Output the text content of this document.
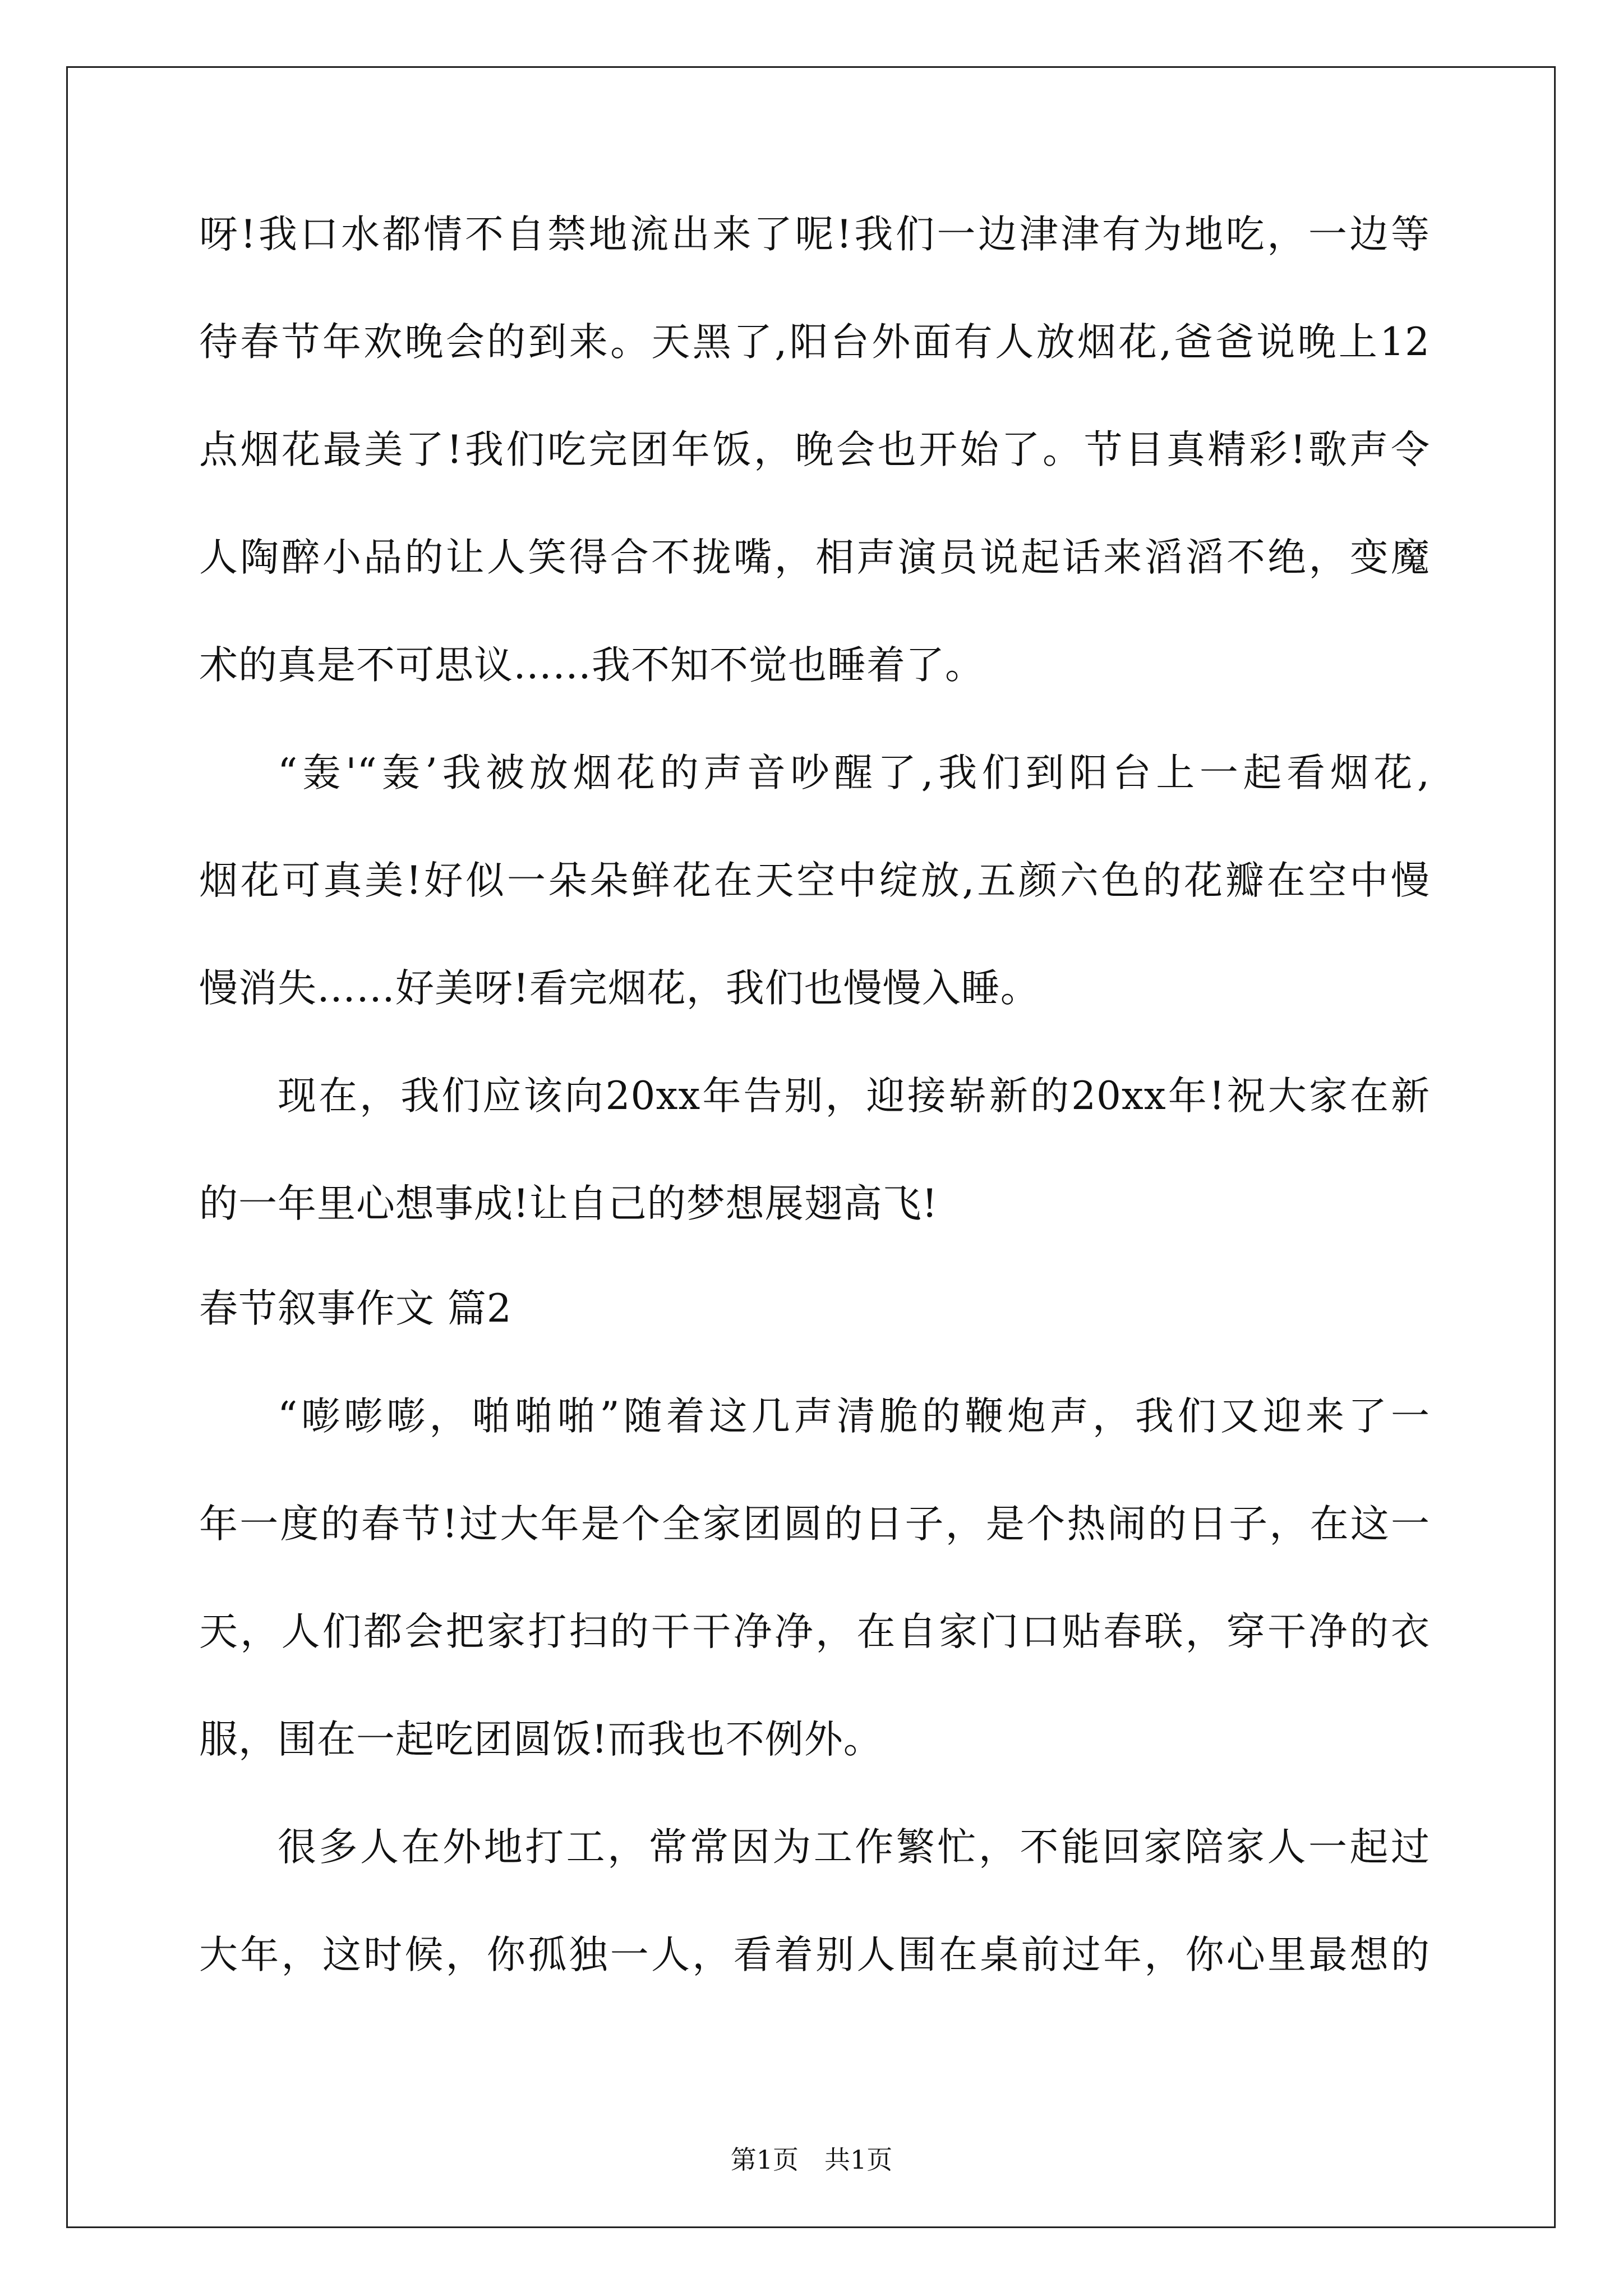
呀!我口水都情不自禁地流出来了呢!我们一边津津有为地吃，一边等
待春节年欢晚会的到来。天黑了,阳台外面有人放烟花,爸爸说晚上12
点烟花最美了!我们吃完团年饭，晚会也开始了。节目真精彩!歌声令
人陶醉小品的让人笑得合不拢嘴，相声演员说起话来滔滔不绝，变魔
术的真是不可思议……我不知不觉也睡着了。
“轰'“轰’我被放烟花的声音吵醒了,我们到阳台上一起看烟花,
烟花可真美!好似一朵朵鲜花在天空中绽放,五颜六色的花瓣在空中慢
慢消失……好美呀!看完烟花，我们也慢慢入睡。
现在，我们应该向20xx年告别，迎接崭新的20xx年!祝大家在新
的一年里心想事成!让自己的梦想展翅高飞!
春节叙事作文 篇2
“嘭嘭嘭，啪啪啪”随着这几声清脆的鞭炮声，我们又迎来了一
年一度的春节!过大年是个全家团圆的日子，是个热闹的日子，在这一
天，人们都会把家打扫的干干净净，在自家门口贴春联，穿干净的衣
服，围在一起吃团圆饭!而我也不例外。
很多人在外地打工，常常因为工作繁忙，不能回家陪家人一起过
大年，这时候，你孤独一人，看着别人围在桌前过年，你心里最想的
第1页　共1页
